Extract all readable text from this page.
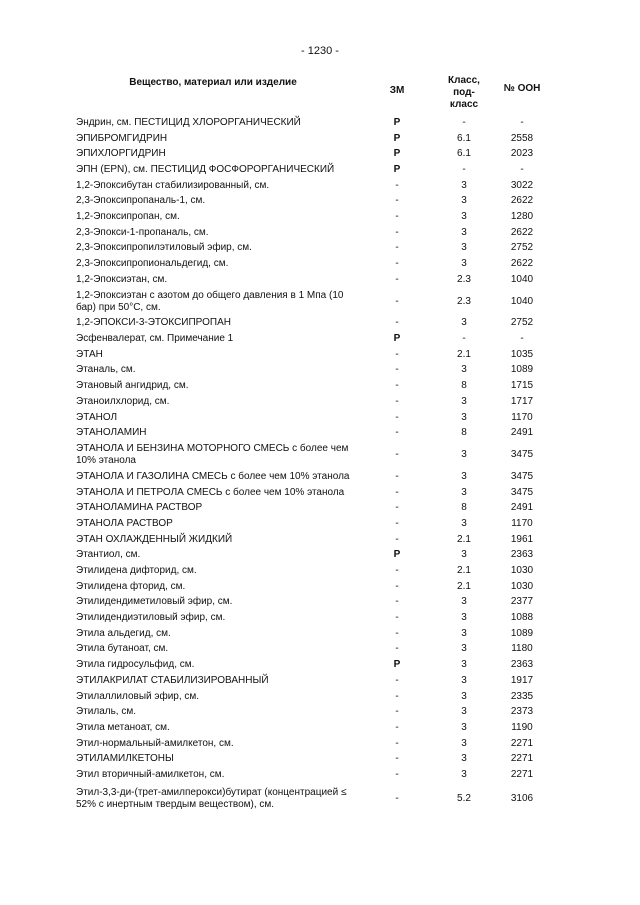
- 1230 -
Вещество, материал или изделие	ЗМ	Класс, под-класс	№ ООН

Эндрин, см. ПЕСТИЦИД ХЛОРОРГАНИЧЕСКИЙ	Р	-	-
ЭПИБРОМГИДРИН	Р	6.1	2558
ЭПИХЛОРГИДРИН	Р	6.1	2023
ЭПН (EPN), см. ПЕСТИЦИД ФОСФОРОРГАНИЧЕСКИЙ	Р	-	-
1,2-Эпоксибутан стабилизированный, см.	-	3	3022
2,3-Эпоксипропаналь-1, см.	-	3	2622
1,2-Эпоксипропан, см.	-	3	1280
2,3-Эпокси-1-пропаналь, см.	-	3	2622
2,3-Эпоксипропилэтиловый эфир, см.	-	3	2752
2,3-Эпоксипропиональдегид, см.	-	3	2622
1,2-Эпоксиэтан, см.	-	2.3	1040
1,2-Эпоксиэтан с азотом до общего давления в 1 Мпа (10 бар) при 50°С, см.	-	2.3	1040
1,2-ЭПОКСИ-3-ЭТОКСИПРОПАН	-	3	2752
Эсфенвалерат, см. Примечание 1	Р	-	-
ЭТАН	-	2.1	1035
Этаналь, см.	-	3	1089
Этановый ангидрид, см.	-	8	1715
Этаноилхлорид, см.	-	3	1717
ЭТАНОЛ	-	3	1170
ЭТАНОЛАМИН	-	8	2491
ЭТАНОЛА И БЕНЗИНА МОТОРНОГО СМЕСЬ с более чем 10% этанола	-	3	3475
ЭТАНОЛА И ГАЗОЛИНА СМЕСЬ с более чем 10% этанола	-	3	3475
ЭТАНОЛА И ПЕТРОЛА СМЕСЬ с более чем 10% этанола	-	3	3475
ЭТАНОЛАМИНА РАСТВОР	-	8	2491
ЭТАНОЛА РАСТВОР	-	3	1170
ЭТАН ОХЛАЖДЕННЫЙ ЖИДКИЙ	-	2.1	1961
Этантиол, см.	Р	3	2363
Этилидена дифторид, см.	-	2.1	1030
Этилидена фторид, см.	-	2.1	1030
Этилидендиметиловый эфир, см.	-	3	2377
Этилидендиэтиловый эфир, см.	-	3	1088
Этила альдегид, см.	-	3	1089
Этила бутаноат, см.	-	3	1180
Этила гидросульфид, см.	Р	3	2363
ЭТИЛАКРИЛАТ СТАБИЛИЗИРОВАННЫЙ	-	3	1917
Этилаллиловый эфир, см.	-	3	2335
Этилаль, см.	-	3	2373
Этила метаноат, см.	-	3	1190
Этил-нормальный-амилкетон, см.	-	3	2271
ЭТИЛАМИЛКЕТОНЫ	-	3	2271
Этил вторичный-амилкетон, см.	-	3	2271
Этил-3,3-ди-(трет-амилперокси)бутират (концентрацией ≤ 52% с инертным твердым веществом), см.	-	5.2	3106
